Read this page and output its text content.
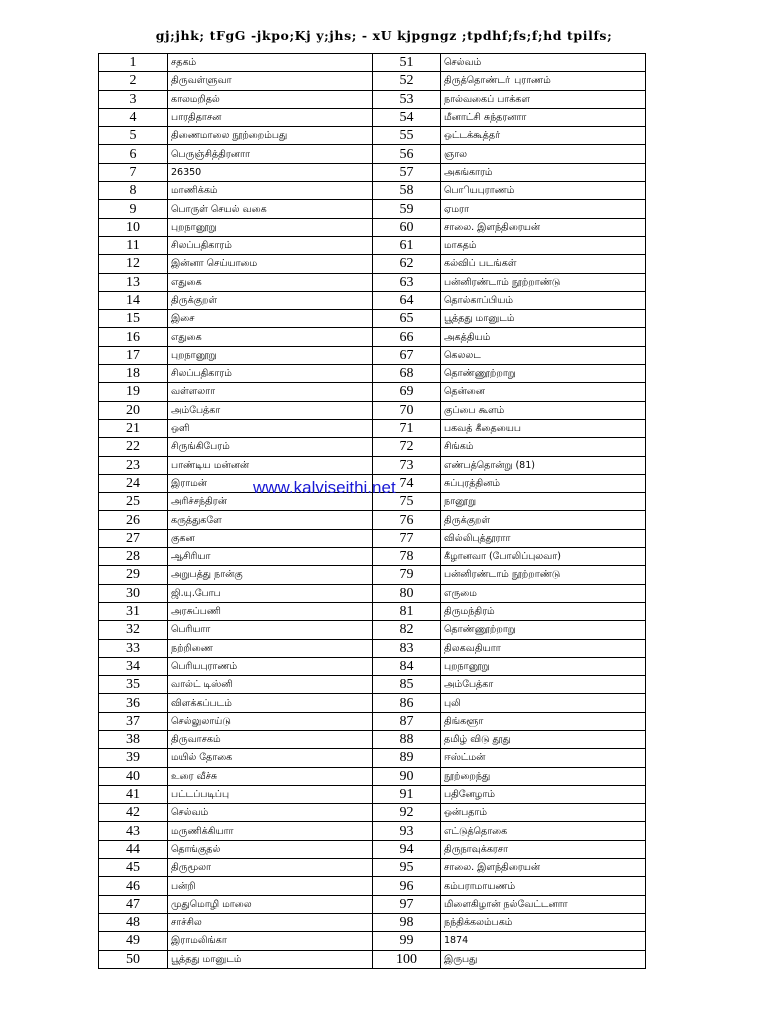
gj;jhk; tFgG -jkpo;Kj y;jhs; - xU kjpgngz ;tpdhf;fs;f;hd tpilfs;
1	சதகம்	51	செல்வம்
2	திருவள்ளுவா	52	திருத்தொண்டா் புராணம்
3	காலமறிதல்	53	நால்வகைப் பாக்கள
4	பாரதிதாசன	54	மீனாட்சி சுந்தரனாா
5	திணைமாலை நூற்றைம்பது	55	ஒட்டக்கூத்தா்
6	பெருஞ்சித்திரனாா	56	ஞால
7	26350	57	அகங்காரம்
8	மாணிக்கம்	58	பொியபுராணம்
9	பொருள் செயல் வகை	59	ஏமரா
10	புறநானூறு	60	சாலை. இளந்திரையன்
11	சிலப்பதிகாரம்	61	மாகதம்
12	இன்னா செய்யாமை	62	கல்விப் படங்கள்
13	எதுகை	63	பன்னிரண்டாம் நூற்றாண்டு
14	திருக்குறள்	64	தொல்காப்பியம்
15	இசை	65	பூத்தது மானுடம்
16	எதுகை	66	அகத்தியம்
17	புறநானூறு	67	கெலலட
18	சிலப்பதிகாரம்	68	தொண்ணூற்றாறு
19	வள்ளலாா	69	தென்னை
20	அம்பேத்கா	70	குப்பை கூளம்
21	ஒளி	71	பகவத் கீதையைப
22	சிருங்கிபேரம்	72	சிங்கம்
23	பாண்டிய மன்னன்	73	எண்பத்தொன்று (81)
24	இராமன்	74	சுப்புரத்தினம்
25	அரிச்சந்திரன்	75	நானூறு
26	கருத்துகளே	76	திருக்குறள்
27	குகன	77	வில்லிபுத்தூராா
28	ஆசிரியா	78	கீழானவா (போலிப்புலவா)
29	அறுபத்து நான்கு	79	பன்னிரண்டாம் நூற்றாண்டு
30	ஜி.யு.போப	80	எருமை
31	அரசுப்பணி	81	திருமந்திரம்
32	பெரியாா	82	தொண்ணூற்றாறு
33	நற்றிணை	83	திலகவதியாா
34	பெரியபுராணம்	84	புறநானூறு
35	வால்ட் டிஸ்னி	85	அம்பேத்கா
36	விளக்கப்படம்	86	புலி
37	செல்லுலாய்டு	87	திங்களூா
38	திருவாசகம்	88	தமிழ் விடு தூது
39	மயில் தோகை	89	ஈஸ்ட்மன்
40	உரை வீச்சு	90	நூற்றைந்து
41	பட்டப்படிப்பு	91	பதினேழாம்
42	செல்வம்	92	ஒன்பதாம்
43	மருணிக்கியாா	93	எட்டுத்தொகை
44	தொங்குதல்	94	திருநாவுக்கரசா
45	திருமூலா	95	சாலை. இளந்திரையன்
46	பன்றி	96	கம்பராமாயணம்
47	முதுமொழி மாலை	97	மிளைகிழான் நல்வேட்டனாா
48	சாச்சில	98	நந்திக்கலம்பகம்
49	இராமலிங்கா	99	1874
50	பூத்தது மானுடம்	100	இருபது
www.kalviseithi.net
